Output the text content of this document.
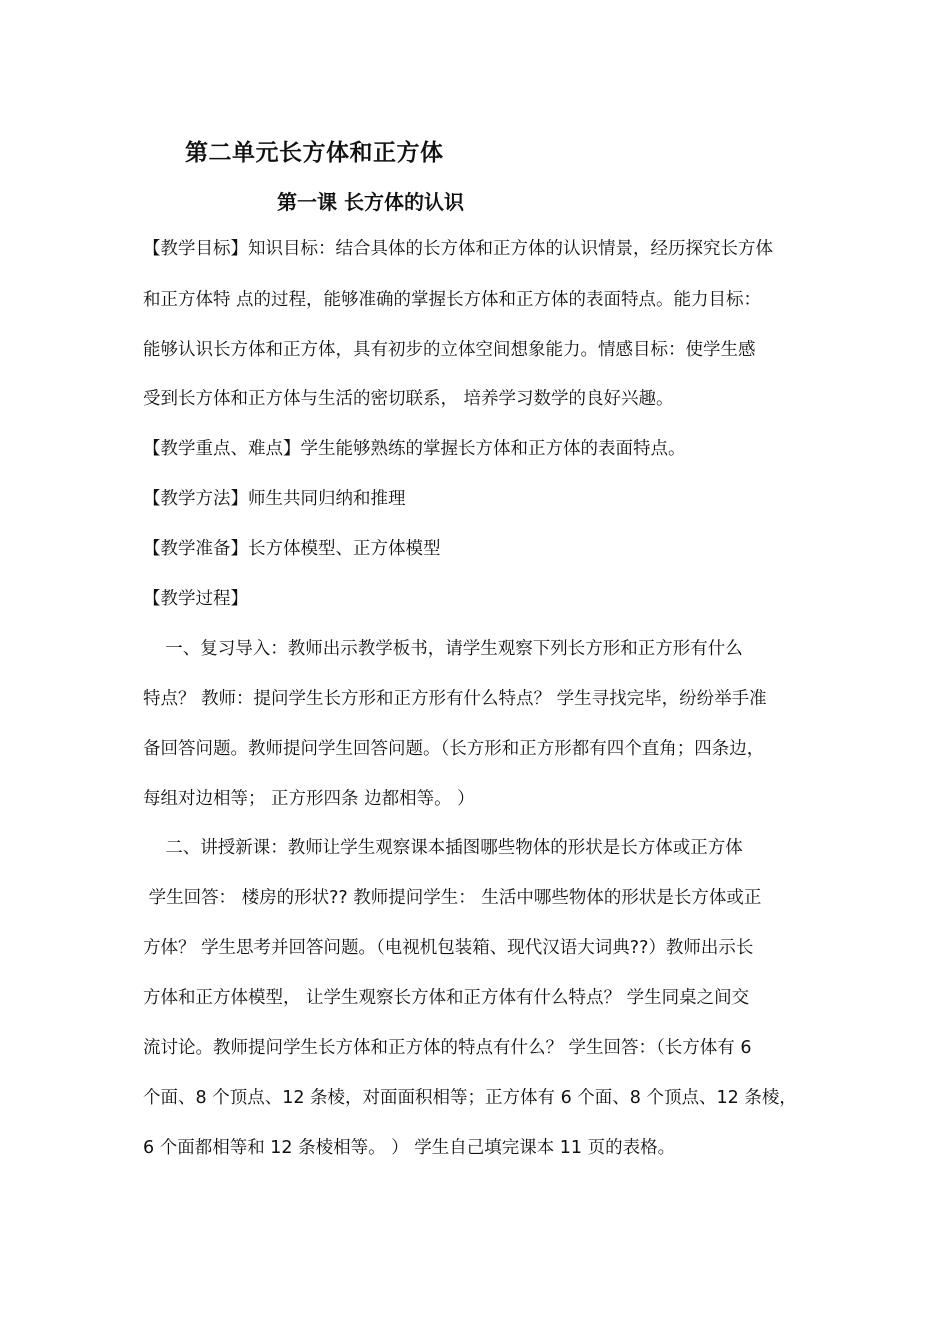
第二单元长方体和正方体
第一课 长方体的认识
【教学目标】知识目标：结合具体的长方体和正方体的认识情景，经历探究长方体
和正方体特 点的过程，能够准确的掌握长方体和正方体的表面特点。能力目标：
能够认识长方体和正方体，具有初步的立体空间想象能力。情感目标：使学生感
受到长方体和正方体与生活的密切联系， 培养学习数学的良好兴趣。
【教学重点、难点】学生能够熟练的掌握长方体和正方体的表面特点。
【教学方法】师生共同归纳和推理
【教学准备】长方体模型、正方体模型
【教学过程】
一、复习导入：教师出示教学板书，请学生观察下列长方形和正方形有什么
特点？ 教师：提问学生长方形和正方形有什么特点？ 学生寻找完毕，纷纷举手准
备回答问题。教师提问学生回答问题。（长方形和正方形都有四个直角；四条边，
每组对边相等； 正方形四条 边都相等。 ）
二、讲授新课：教师让学生观察课本插图哪些物体的形状是长方体或正方体
学生回答： 楼房的形状?? 教师提问学生： 生活中哪些物体的形状是长方体或正
方体？ 学生思考并回答问题。（电视机包装箱、现代汉语大词典??）教师出示长
方体和正方体模型， 让学生观察长方体和正方体有什么特点？ 学生同桌之间交
流讨论。教师提问学生长方体和正方体的特点有什么？ 学生回答：（长方体有 6
个面、8 个顶点、12 条棱，对面面积相等；正方体有 6 个面、8 个顶点、12 条棱，
6 个面都相等和 12 条棱相等。 ） 学生自己填完课本 11 页的表格。
